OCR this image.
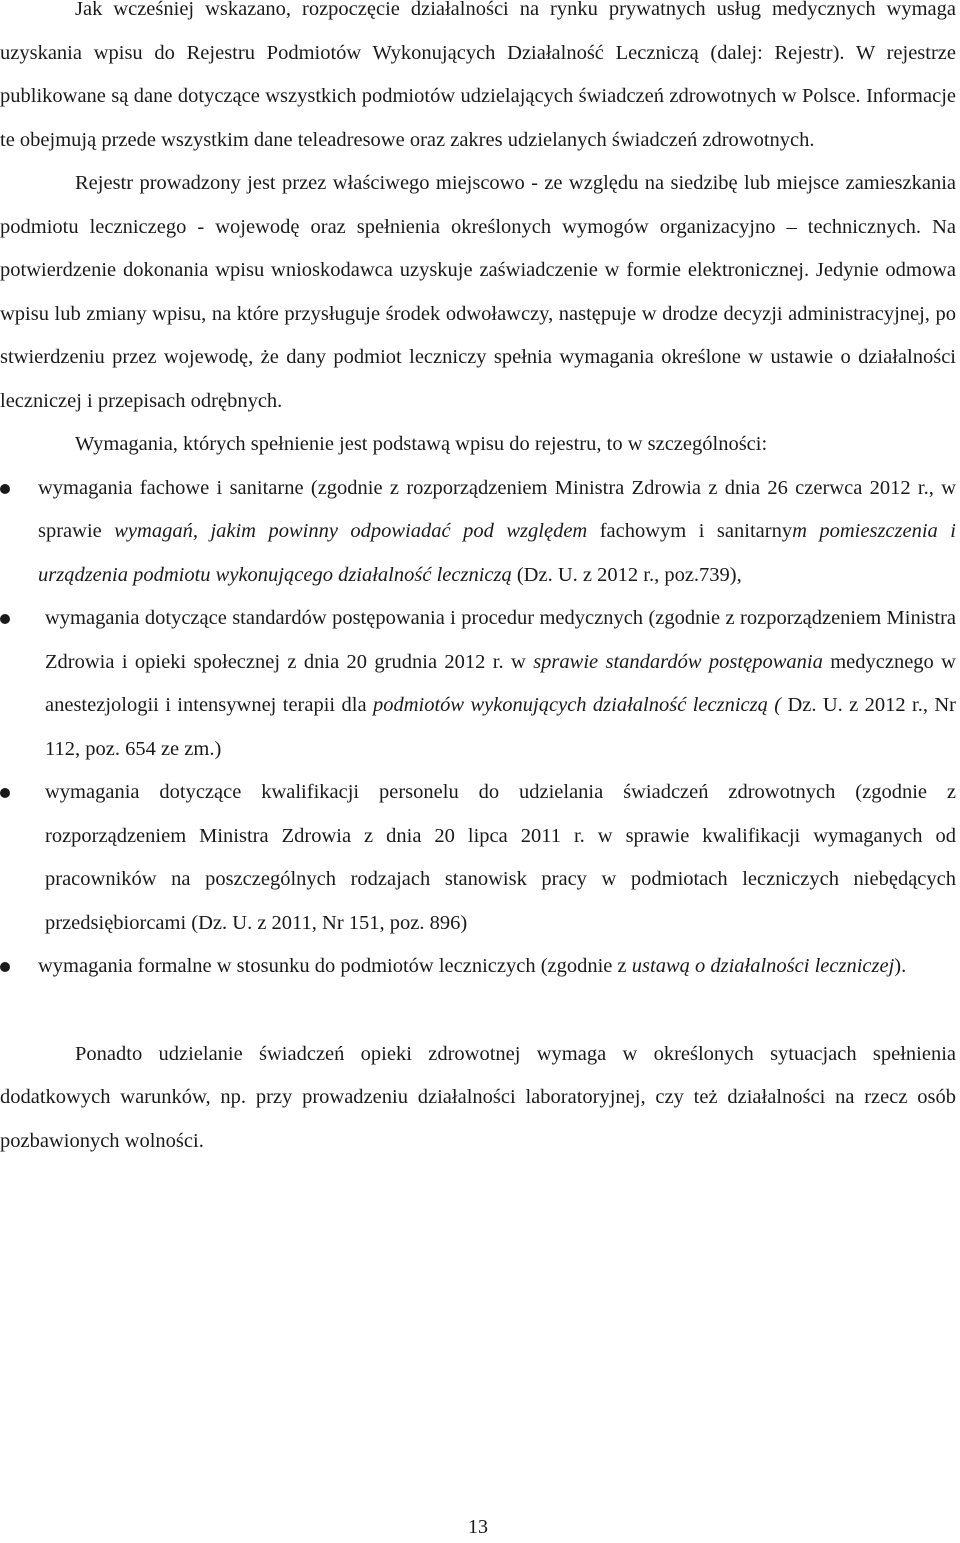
Jak wcześniej wskazano, rozpoczęcie działalności na rynku prywatnych usług medycznych wymaga uzyskania wpisu do Rejestru Podmiotów Wykonujących Działalność Leczniczą (dalej: Rejestr). W rejestrze publikowane są dane dotyczące wszystkich podmiotów udzielających świadczeń zdrowotnych w Polsce. Informacje te obejmują przede wszystkim dane teleadresowe oraz zakres udzielanych świadczeń zdrowotnych.

Rejestr prowadzony jest przez właściwego miejscowo - ze względu na siedzibę lub miejsce zamieszkania podmiotu leczniczego - wojewodę oraz spełnienia określonych wymogów organizacyjno – technicznych. Na potwierdzenie dokonania wpisu wnioskodawca uzyskuje zaświadczenie w formie elektronicznej. Jedynie odmowa wpisu lub zmiany wpisu, na które przysługuje środek odwoławczy, następuje w drodze decyzji administracyjnej, po stwierdzeniu przez wojewodę, że dany podmiot leczniczy spełnia wymagania określone w ustawie o działalności leczniczej i przepisach odrębnych.

Wymagania, których spełnienie jest podstawą wpisu do rejestru, to w szczególności:

wymagania fachowe i sanitarne (zgodnie z rozporządzeniem Ministra Zdrowia z dnia 26 czerwca 2012 r., w sprawie wymagań, jakim powinny odpowiadać pod względem fachowym i sanitarnym pomieszczenia i urządzenia podmiotu wykonującego działalność leczniczą (Dz. U. z 2012 r., poz.739),
wymagania dotyczące standardów postępowania i procedur medycznych (zgodnie z rozporządzeniem Ministra Zdrowia i opieki społecznej z dnia 20 grudnia 2012 r. w sprawie standardów postępowania medycznego w anestezjologii i intensywnej terapii dla podmiotów wykonujących działalność leczniczą ( Dz. U. z 2012 r., Nr 112, poz. 654 ze zm.)
wymagania dotyczące kwalifikacji personelu do udzielania świadczeń zdrowotnych (zgodnie z rozporządzeniem Ministra Zdrowia z dnia 20 lipca 2011 r. w sprawie kwalifikacji wymaganych od pracowników na poszczególnych rodzajach stanowisk pracy w podmiotach leczniczych niebędących przedsiębiorcami (Dz. U. z 2011, Nr 151, poz. 896)
wymagania formalne w stosunku do podmiotów leczniczych (zgodnie z ustawą o działalności leczniczej).

Ponadto udzielanie świadczeń opieki zdrowotnej wymaga w określonych sytuacjach spełnienia dodatkowych warunków, np. przy prowadzeniu działalności laboratoryjnej, czy też działalności na rzecz osób pozbawionych wolności.

13
